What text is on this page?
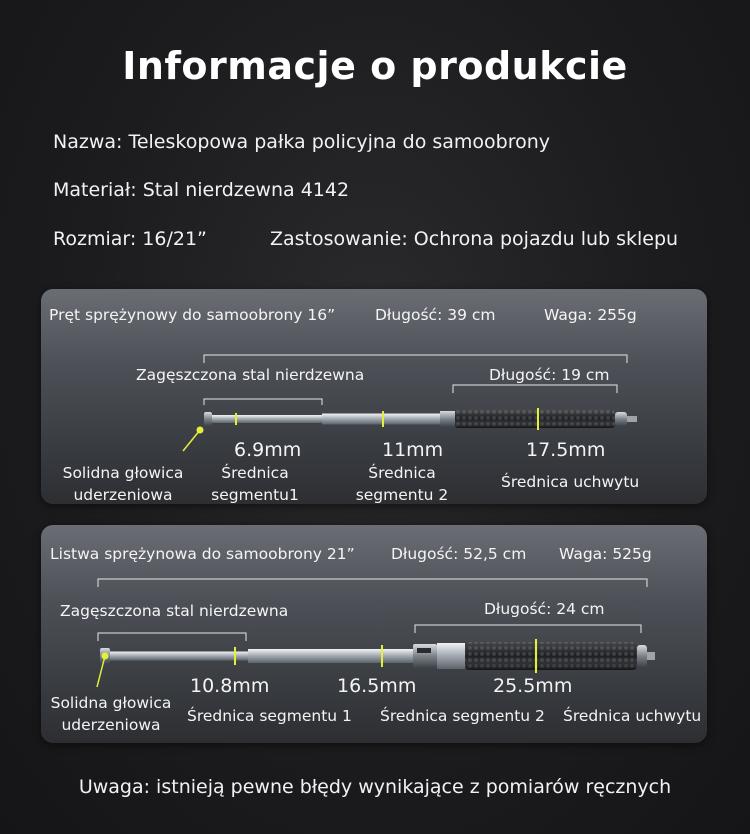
Informacje o produkcie
Nazwa: Teleskopowa pałka policyjna do samoobrony
Materiał: Stal nierdzewna 4142
Rozmiar: 16/21”	Zastosowanie: Ochrona pojazdu lub sklepu
Pręt sprężynowy do samoobrony 16”	Długość: 39 cm	Waga: 255g
Zagęszczona stal nierdzewna	Długość: 19 cm
6.9mm	11mm	17.5mm
Solidna głowica uderzeniowa
Średnica segmentu1
Średnica segmentu 2
Średnica uchwytu
Listwa sprężynowa do samoobrony 21” Długość: 52,5 cm Waga: 525g
Zagęszczona stal nierdzewna	Długość: 24 cm
10.8mm	16.5mm	25.5mm
Solidna głowica uderzeniowa
Średnica segmentu 1 Średnica segmentu 2 Średnica uchwytu
Uwaga: istnieją pewne błędy wynikające z pomiarów ręcznych
